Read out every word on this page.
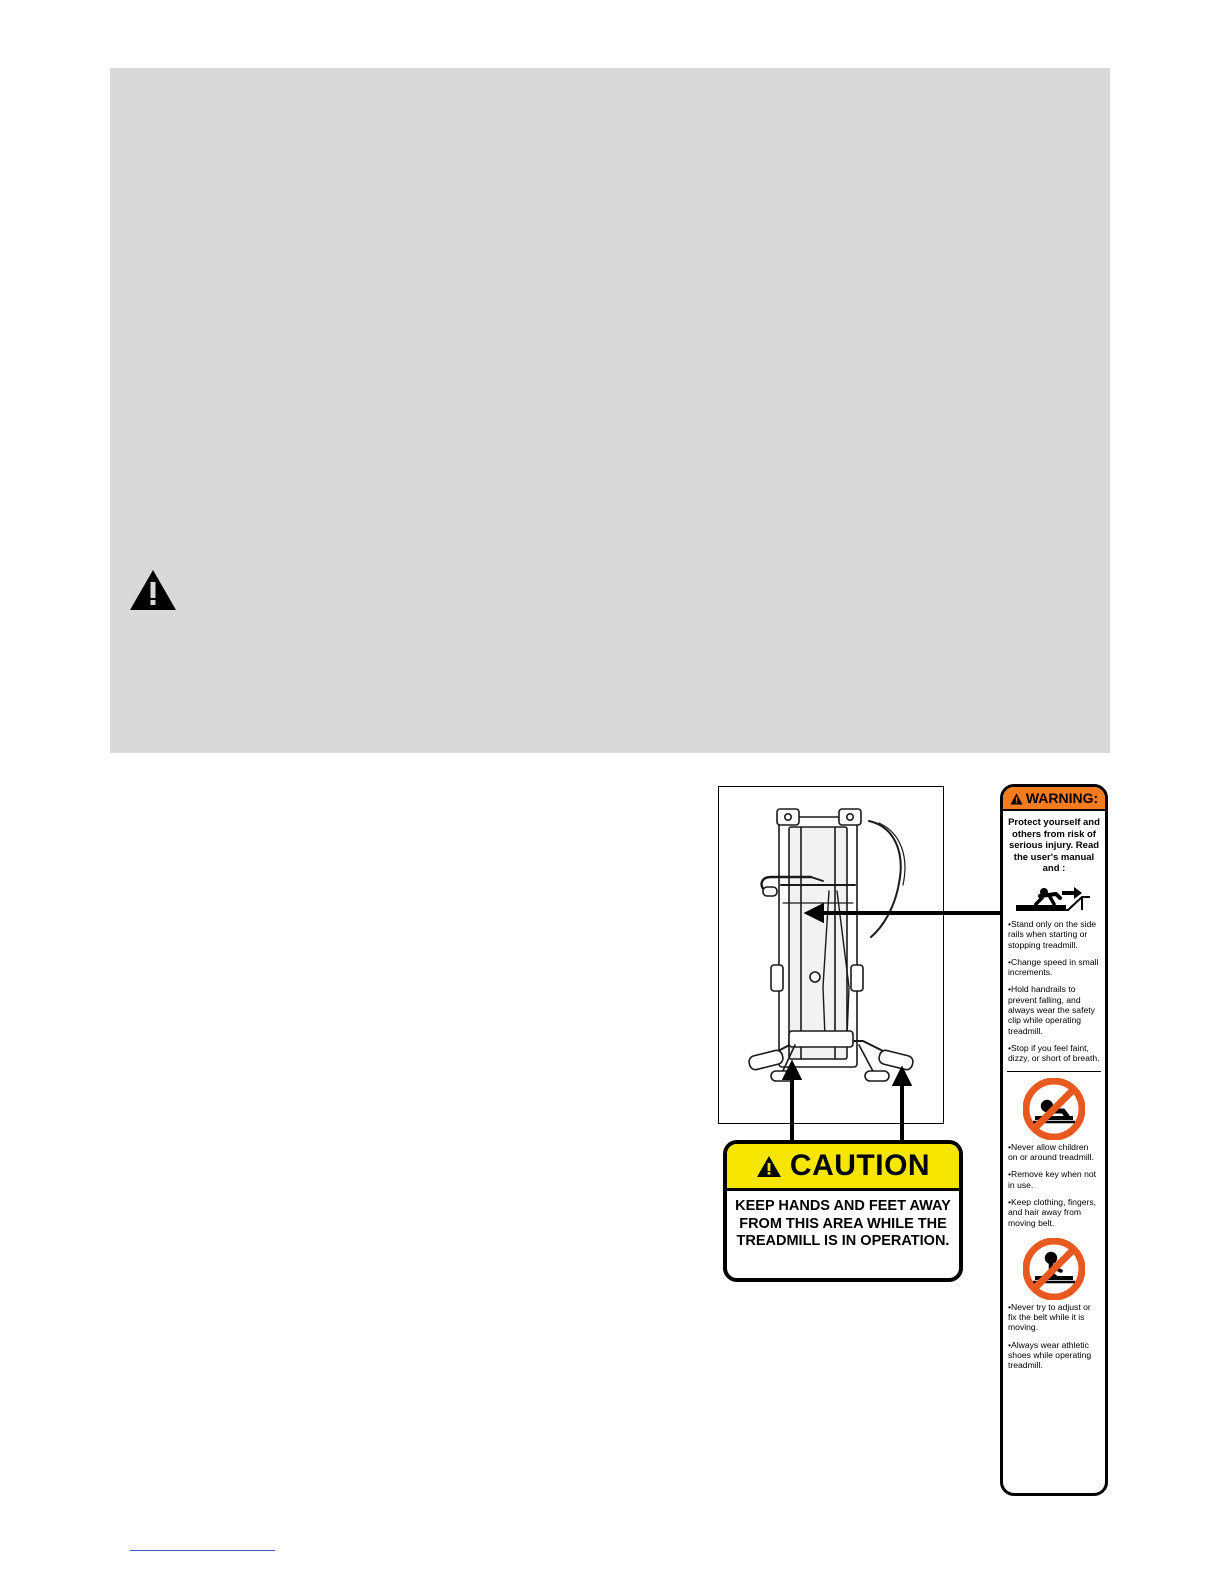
CAUTION
KEEP HANDS AND FEET AWAY
FROM THIS AREA WHILE THE
TREADMILL IS IN OPERATION.
WARNING:
Protect yourself and others from risk of serious injury. Read the user's manual and :
•Stand only on the side rails when starting or stopping treadmill.
•Change speed in small increments.
•Hold handrails to prevent falling, and always wear the safety clip while operating treadmill.
•Stop if you feel faint, dizzy, or short of breath.
•Never allow children on or around treadmill.
•Remove key when not in use.
•Keep clothing, fingers, and hair away from moving belt.
•Never try to adjust or fix the belt while it is moving.
•Always wear athletic shoes while operating treadmill.
